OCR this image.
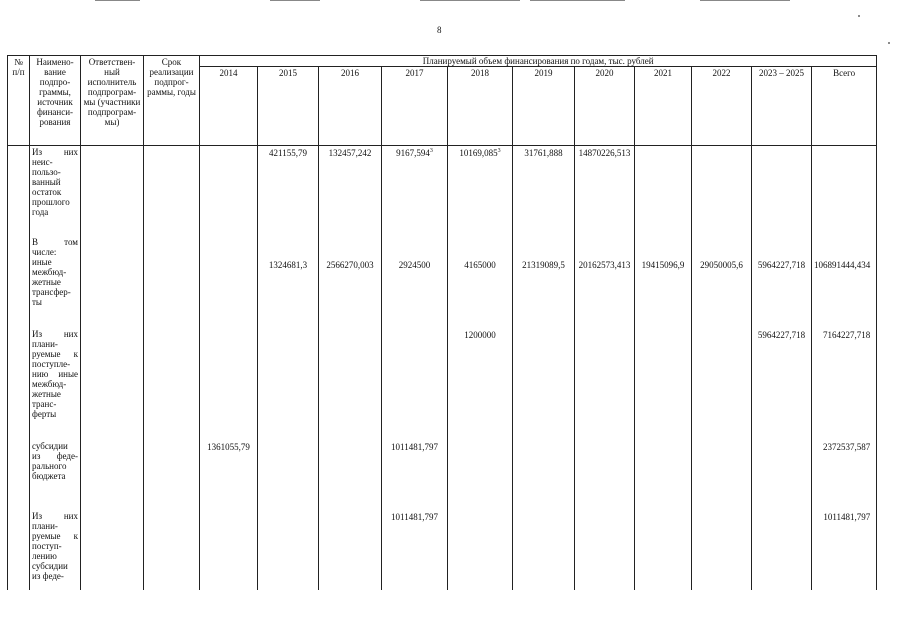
8
№ п/п	Наимено- вание подпро- граммы, источник финанси- рования	Ответствен- ный исполнитель подпрограм- мы (участники подпрограм- мы)	Срок реализации подпрог- раммы, годы	Планируемый объем финансирования по годам, тыс. рублей										
				2014	2015	2016	2017	2018	2019	2020	2021	2022	2023 – 2025	Всего
	Из них неис- пользо- ванный остаток прошлого года				421155,79	132457,242	9167,594$^3$	10169,085$^3$	31761,888	14870226,513				
	В том числе: иные межбюд- жетные трансфер- ты				1324681,3	2566270,003	2924500	4165000	21319089,5	20162573,413	19415096,9	29050005,6	5964227,718	106891444,434
	Из них плани- руемые к поступле- нию иные межбюд- жетные транс- ферты							1200000					5964227,718	7164227,718
	субсидии из феде- рального бюджета			1361055,79			1011481,797							2372537,587
	Из них плани- руемые к поступ- лению субсидии из феде-						1011481,797							1011481,797
